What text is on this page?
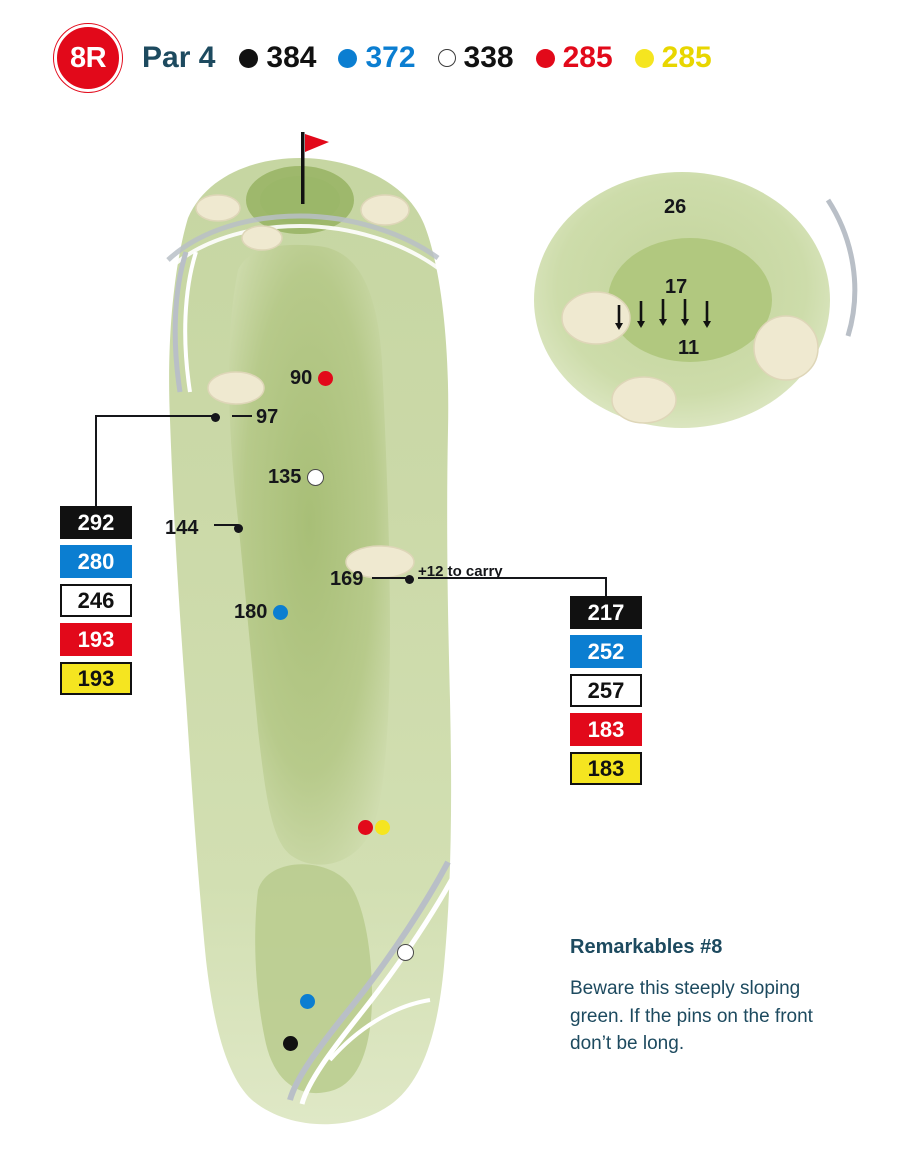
8R	Par 4 384 372 338 285 285
90
97
135
144
169	+12 to carry
180
292
280
246
193
193
217
252
257
183
183
26
17
11

Remarkables #8

Beware this steeply sloping green. If the pins on the front don’t be long.
